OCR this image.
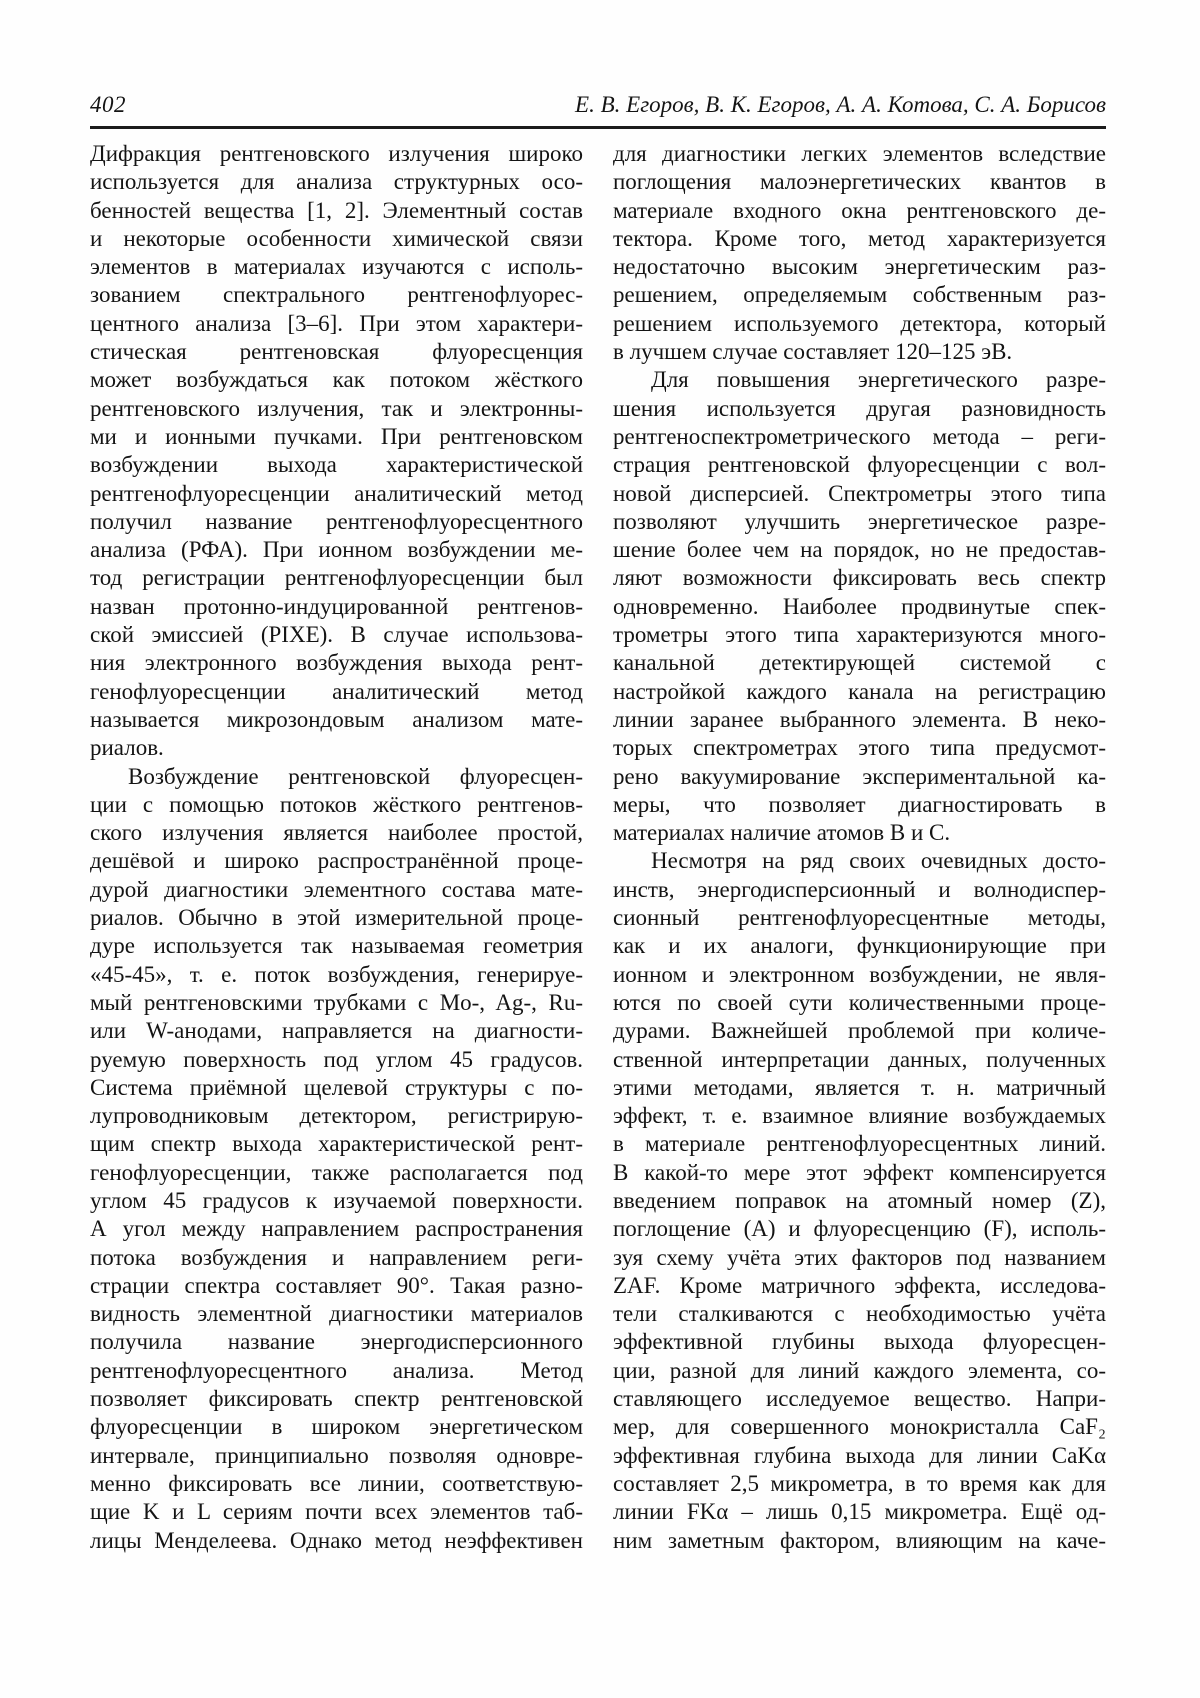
402	Е. В. Егоров, В. К. Егоров, А. А. Котова, С. А. Борисов
Дифракция рентгеновского излучения широко
используется для анализа структурных осо-
бенностей вещества [1, 2]. Элементный состав
и некоторые особенности химической связи
элементов в материалах изучаются с исполь-
зованием спектрального рентгенофлуорес-
центного анализа [3–6]. При этом характери-
стическая рентгеновская флуоресценция
может возбуждаться как потоком жёсткого
рентгеновского излучения, так и электронны-
ми и ионными пучками. При рентгеновском
возбуждении выхода характеристической
рентгенофлуоресценции аналитический метод
получил название рентгенофлуоресцентного
анализа (РФА). При ионном возбуждении ме-
тод регистрации рентгенофлуоресценции был
назван протонно-индуцированной рентгенов-
ской эмиссией (PIXE). В случае использова-
ния электронного возбуждения выхода рент-
генофлуоресценции аналитический метод
называется микрозондовым анализом мате-
риалов.
Возбуждение рентгеновской флуоресцен-
ции с помощью потоков жёсткого рентгенов-
ского излучения является наиболее простой,
дешёвой и широко распространённой проце-
дурой диагностики элементного состава мате-
риалов. Обычно в этой измерительной проце-
дуре используется так называемая геометрия
«45-45», т. е. поток возбуждения, генерируе-
мый рентгеновскими трубками с Mo-, Ag-, Ru-
или W-анодами, направляется на диагности-
руемую поверхность под углом 45 градусов.
Система приёмной щелевой структуры с по-
лупроводниковым детектором, регистрирую-
щим спектр выхода характеристической рент-
генофлуоресценции, также располагается под
углом 45 градусов к изучаемой поверхности.
А угол между направлением распространения
потока возбуждения и направлением реги-
страции спектра составляет 90°. Такая разно-
видность элементной диагностики материалов
получила название энергодисперсионного
рентгенофлуоресцентного анализа. Метод
позволяет фиксировать спектр рентгеновской
флуоресценции в широком энергетическом
интервале, принципиально позволяя одновре-
менно фиксировать все линии, соответствую-
щие K и L сериям почти всех элементов таб-
лицы Менделеева. Однако метод неэффективен
для диагностики легких элементов вследствие
поглощения малоэнергетических квантов в
материале входного окна рентгеновского де-
тектора. Кроме того, метод характеризуется
недостаточно высоким энергетическим раз-
решением, определяемым собственным раз-
решением используемого детектора, который
в лучшем случае составляет 120–125 эВ.
Для повышения энергетического разре-
шения используется другая разновидность
рентгеноспектрометрического метода – реги-
страция рентгеновской флуоресценции с вол-
новой дисперсией. Спектрометры этого типа
позволяют улучшить энергетическое разре-
шение более чем на порядок, но не предостав-
ляют возможности фиксировать весь спектр
одновременно. Наиболее продвинутые спек-
трометры этого типа характеризуются много-
канальной детектирующей системой с
настройкой каждого канала на регистрацию
линии заранее выбранного элемента. В неко-
торых спектрометрах этого типа предусмот-
рено вакуумирование экспериментальной ка-
меры, что позволяет диагностировать в
материалах наличие атомов B и C.
Несмотря на ряд своих очевидных досто-
инств, энергодисперсионный и волнодиспер-
сионный рентгенофлуоресцентные методы,
как и их аналоги, функционирующие при
ионном и электронном возбуждении, не явля-
ются по своей сути количественными проце-
дурами. Важнейшей проблемой при количе-
ственной интерпретации данных, полученных
этими методами, является т. н. матричный
эффект, т. е. взаимное влияние возбуждаемых
в материале рентгенофлуоресцентных линий.
В какой-то мере этот эффект компенсируется
введением поправок на атомный номер (Z),
поглощение (A) и флуоресценцию (F), исполь-
зуя схему учёта этих факторов под названием
ZAF. Кроме матричного эффекта, исследова-
тели сталкиваются с необходимостью учёта
эффективной глубины выхода флуоресцен-
ции, разной для линий каждого элемента, со-
ставляющего исследуемое вещество. Напри-
мер, для совершенного монокристалла CaF₂
эффективная глубина выхода для линии CaKα
составляет 2,5 микрометра, в то время как для
линии FKα – лишь 0,15 микрометра. Ещё од-
ним заметным фактором, влияющим на каче-
